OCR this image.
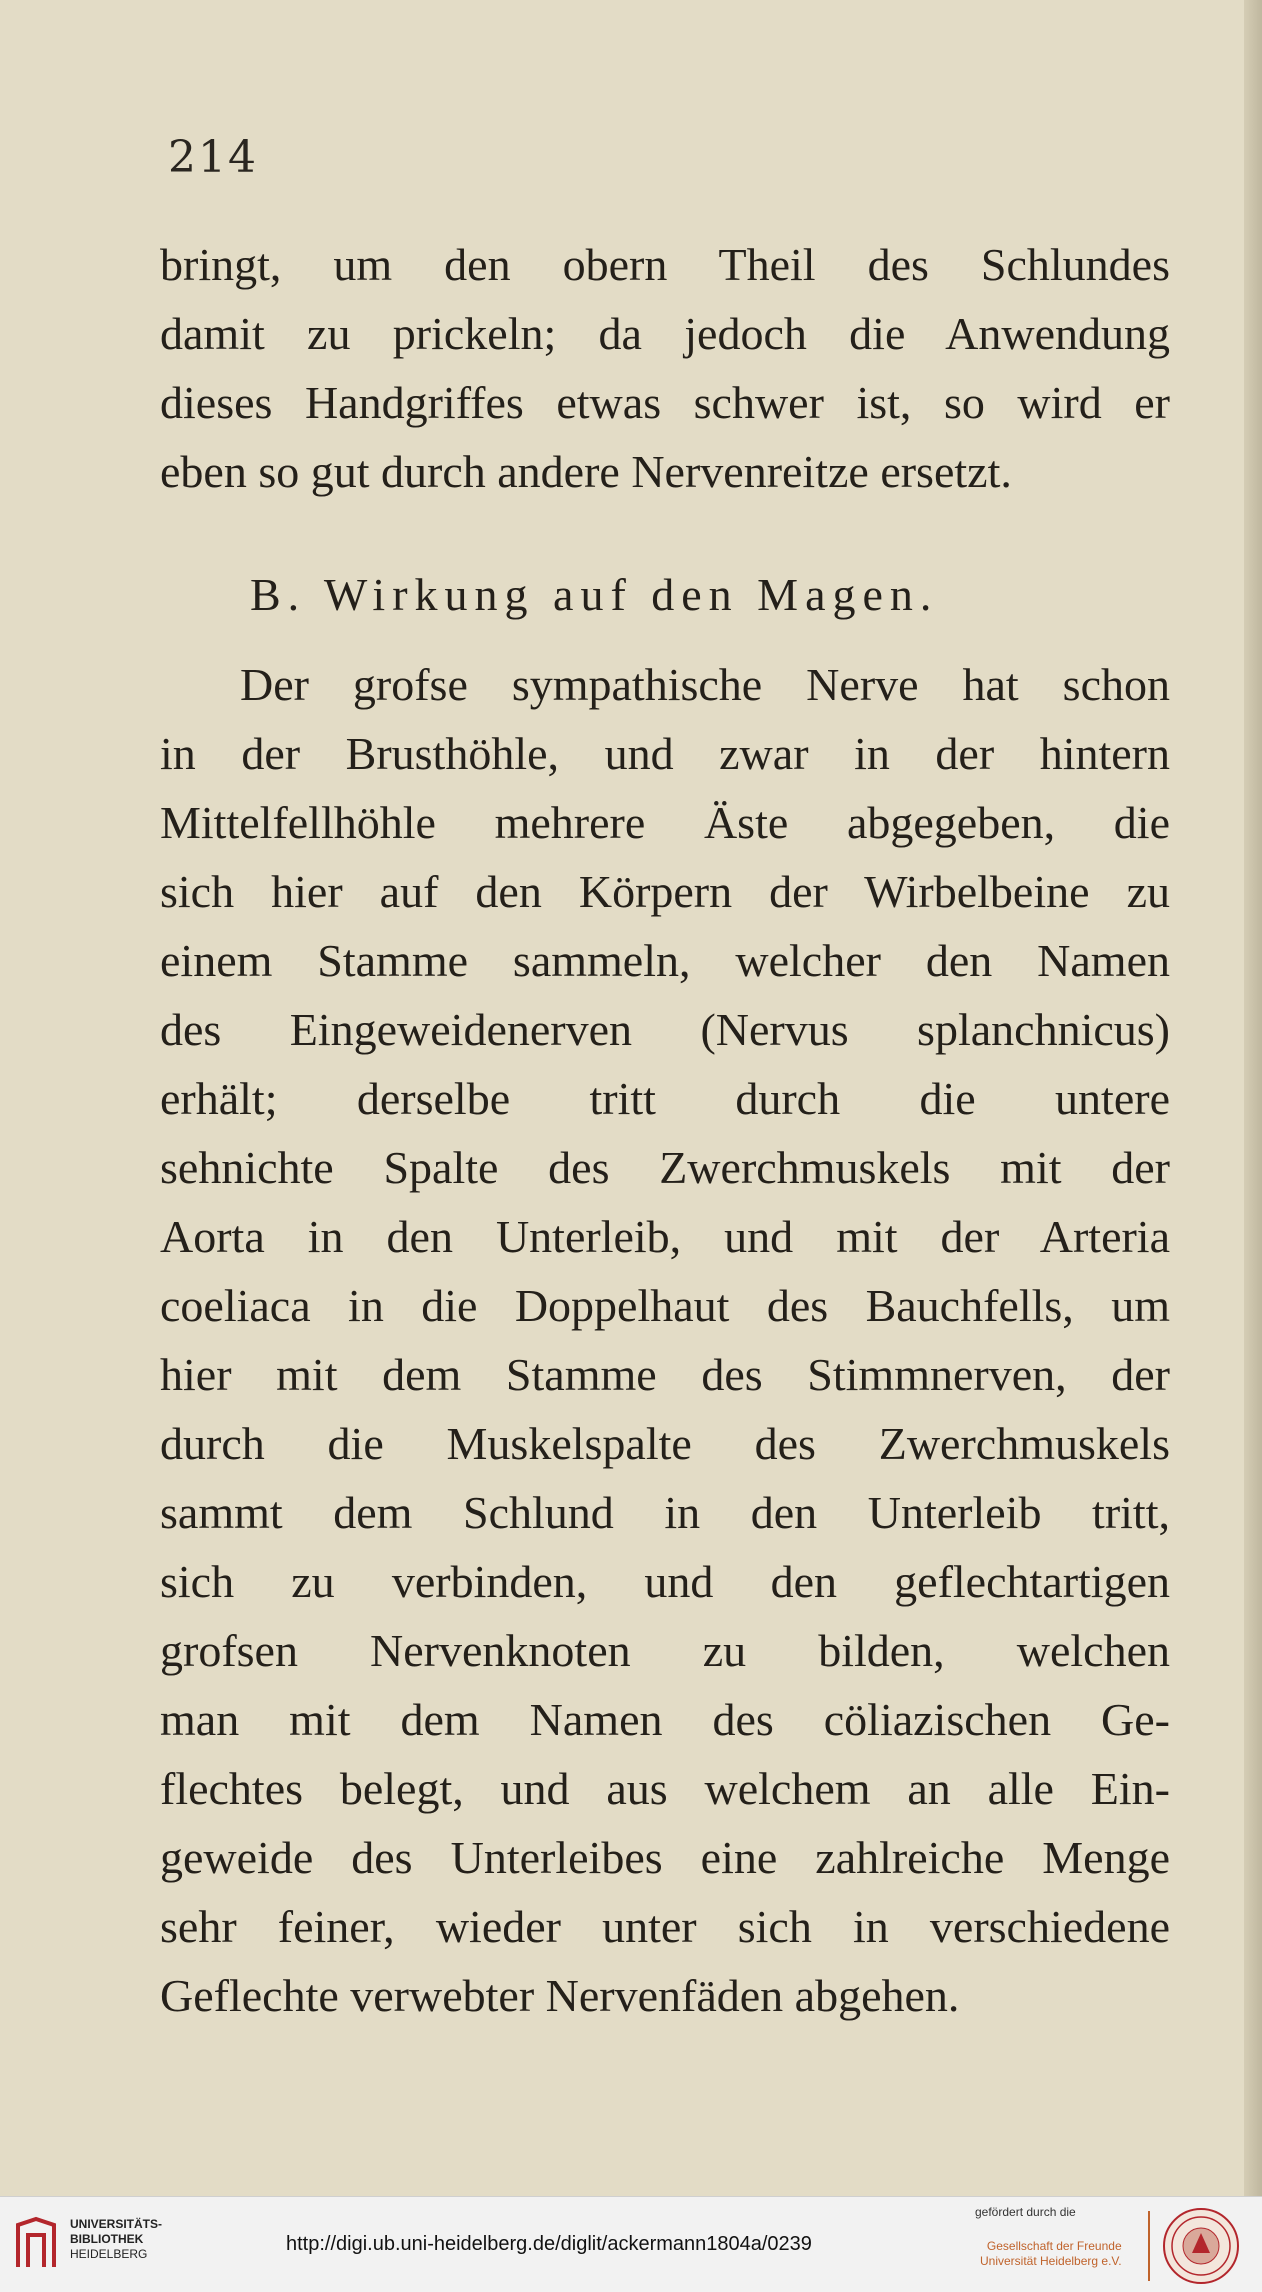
214
bringt, um den obern Theil des Schlundes
damit zu prickeln; da jedoch die Anwendung
dieses Handgriffes etwas schwer ist, so wird er
eben so gut durch andere Nervenreitze ersetzt.
B. Wirkung auf den Magen.
Der grofse sympathische Nerve hat schon
in der Brusthöhle, und zwar in der hintern
Mittelfellhöhle mehrere Äste abgegeben, die
sich hier auf den Körpern der Wirbelbeine zu
einem Stamme sammeln, welcher den Namen
des Eingeweidenerven (Nervus splanchnicus)
erhält; derselbe tritt durch die untere
sehnichte Spalte des Zwerchmuskels mit der
Aorta in den Unterleib, und mit der Arteria
coeliaca in die Doppelhaut des Bauchfells, um
hier mit dem Stamme des Stimmnerven, der
durch die Muskelspalte des Zwerchmuskels
sammt dem Schlund in den Unterleib tritt,
sich zu verbinden, und den geflechtartigen
grofsen Nervenknoten zu bilden, welchen
man mit dem Namen des cöliazischen Ge-
flechtes belegt, und aus welchem an alle Ein-
geweide des Unterleibes eine zahlreiche Menge
sehr feiner, wieder unter sich in verschiedene
Geflechte verwebter Nervenfäden abgehen.
UNIVERSITÄTS-
BIBLIOTHEK
HEIDELBERG	http://digi.ub.uni-heidelberg.de/diglit/ackermann1804a/0239
gefördert durch die
Gesellschaft der Freunde
Universität Heidelberg e.V.
